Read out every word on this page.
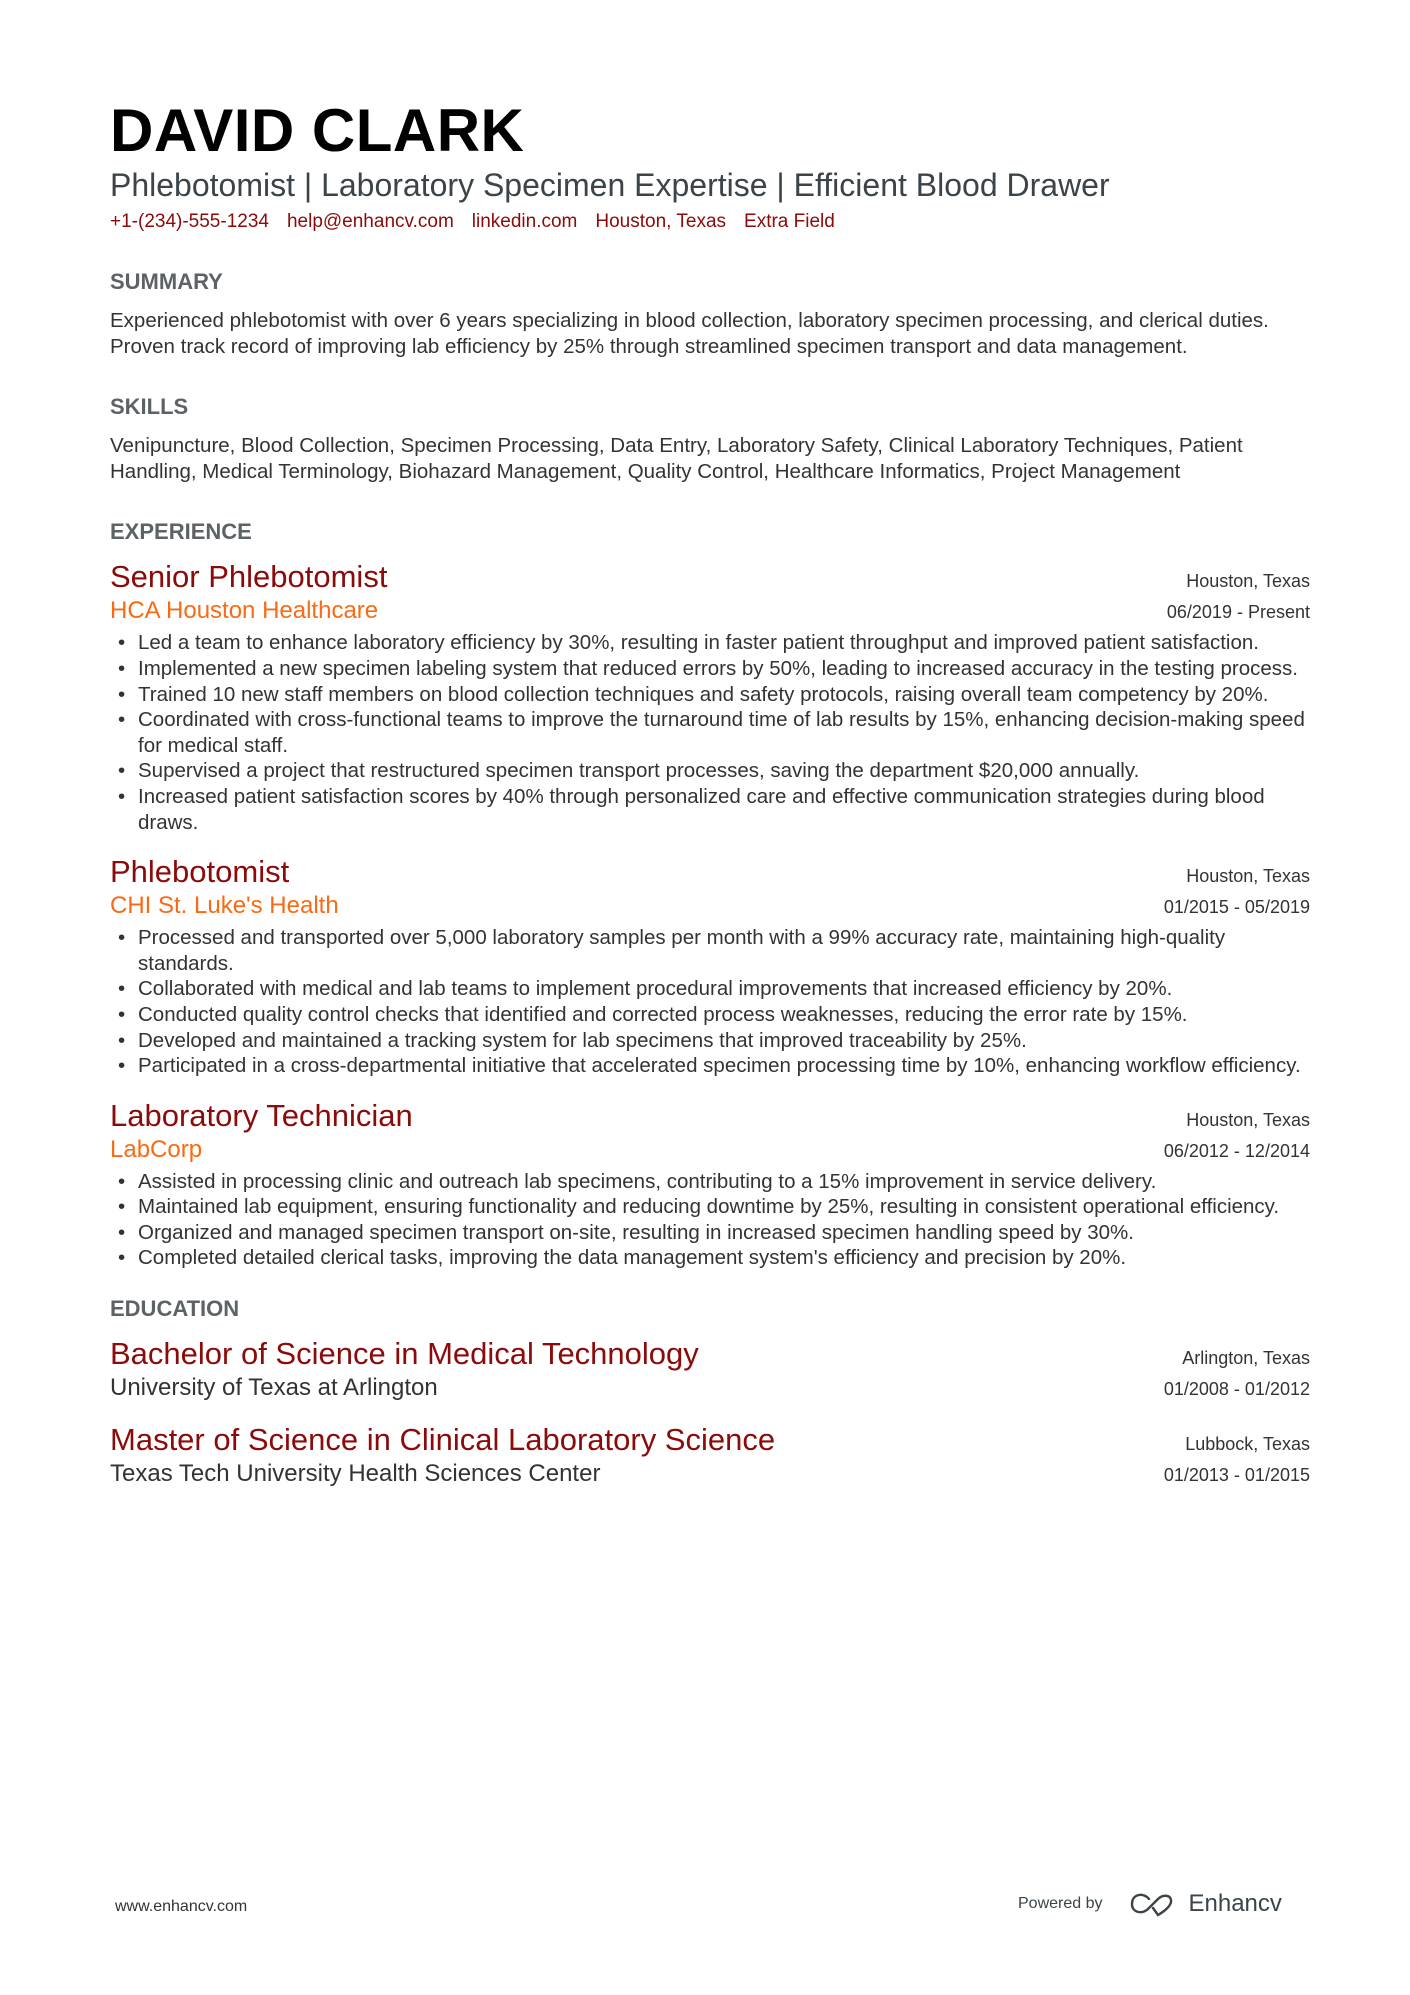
DAVID CLARK
Phlebotomist | Laboratory Specimen Expertise | Efficient Blood Drawer
+1-(234)-555-1234 help@enhancv.com linkedin.com Houston, Texas Extra Field
SUMMARY
Experienced phlebotomist with over 6 years specializing in blood collection, laboratory specimen processing, and clerical duties. Proven track record of improving lab efficiency by 25% through streamlined specimen transport and data management.
SKILLS
Venipuncture, Blood Collection, Specimen Processing, Data Entry, Laboratory Safety, Clinical Laboratory Techniques, Patient Handling, Medical Terminology, Biohazard Management, Quality Control, Healthcare Informatics, Project Management
EXPERIENCE
Senior Phlebotomist	Houston, Texas
HCA Houston Healthcare	06/2019 - Present
• Led a team to enhance laboratory efficiency by 30%, resulting in faster patient throughput and improved patient satisfaction.
• Implemented a new specimen labeling system that reduced errors by 50%, leading to increased accuracy in the testing process.
• Trained 10 new staff members on blood collection techniques and safety protocols, raising overall team competency by 20%.
• Coordinated with cross-functional teams to improve the turnaround time of lab results by 15%, enhancing decision-making speed for medical staff.
• Supervised a project that restructured specimen transport processes, saving the department $20,000 annually.
• Increased patient satisfaction scores by 40% through personalized care and effective communication strategies during blood draws.
Phlebotomist	Houston, Texas
CHI St. Luke's Health	01/2015 - 05/2019
• Processed and transported over 5,000 laboratory samples per month with a 99% accuracy rate, maintaining high-quality standards.
• Collaborated with medical and lab teams to implement procedural improvements that increased efficiency by 20%.
• Conducted quality control checks that identified and corrected process weaknesses, reducing the error rate by 15%.
• Developed and maintained a tracking system for lab specimens that improved traceability by 25%.
• Participated in a cross-departmental initiative that accelerated specimen processing time by 10%, enhancing workflow efficiency.
Laboratory Technician	Houston, Texas
LabCorp	06/2012 - 12/2014
• Assisted in processing clinic and outreach lab specimens, contributing to a 15% improvement in service delivery.
• Maintained lab equipment, ensuring functionality and reducing downtime by 25%, resulting in consistent operational efficiency.
• Organized and managed specimen transport on-site, resulting in increased specimen handling speed by 30%.
• Completed detailed clerical tasks, improving the data management system's efficiency and precision by 20%.
EDUCATION
Bachelor of Science in Medical Technology	Arlington, Texas
University of Texas at Arlington	01/2008 - 01/2012
Master of Science in Clinical Laboratory Science	Lubbock, Texas
Texas Tech University Health Sciences Center	01/2013 - 01/2015
www.enhancv.com	Powered by	Enhancv
